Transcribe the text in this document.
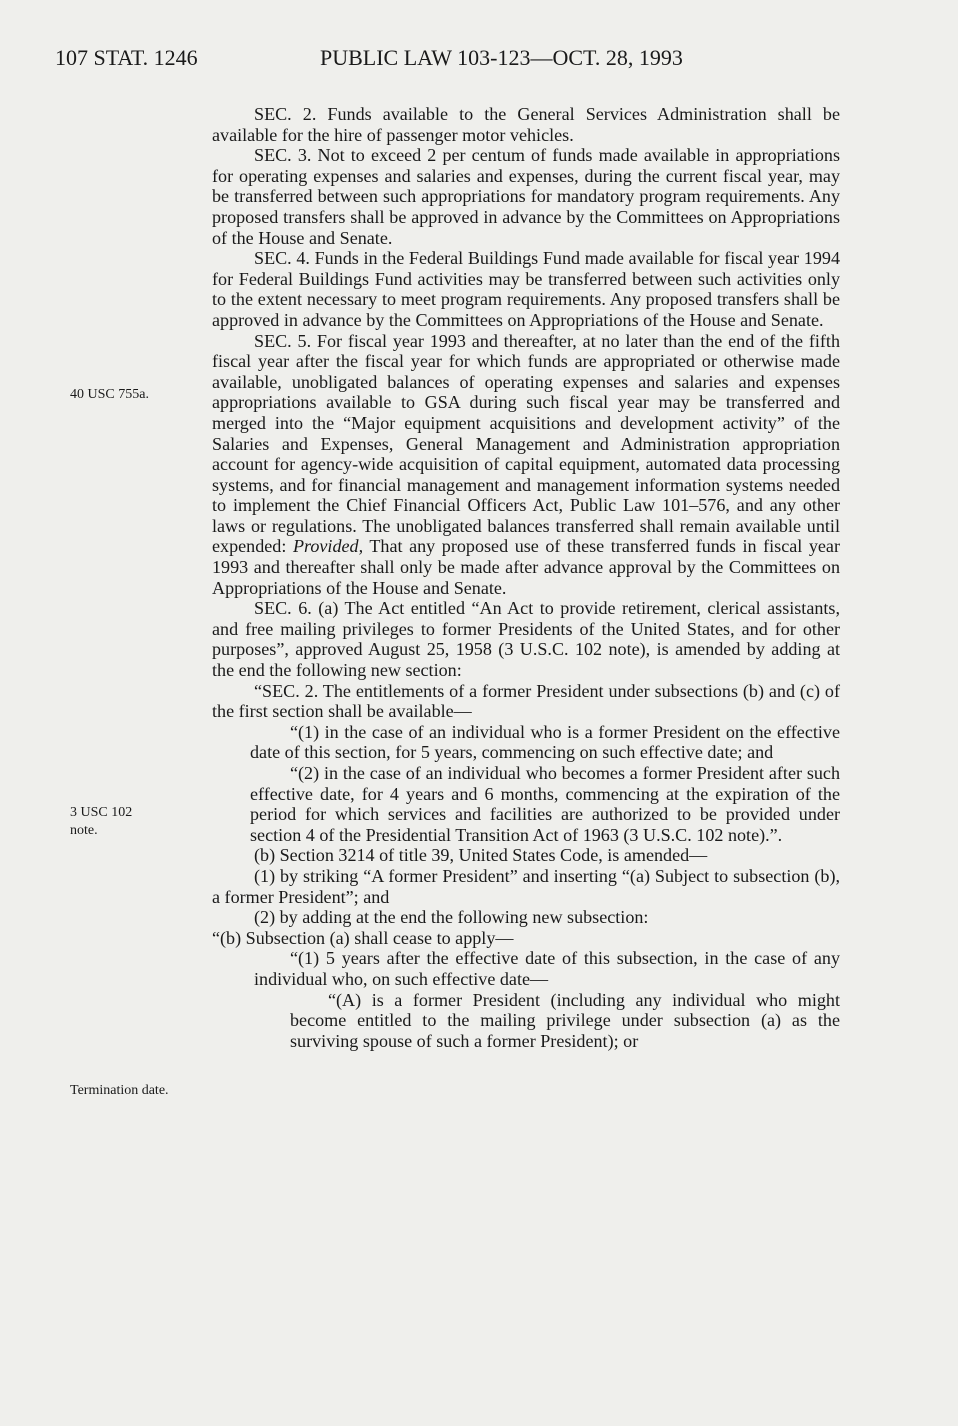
107 STAT. 1246	PUBLIC LAW 103-123—OCT. 28, 1993
40 USC 755a.
3 USC 102 note.
Termination date.

SEC. 2. Funds available to the General Services Administration shall be available for the hire of passenger motor vehicles.

SEC. 3. Not to exceed 2 per centum of funds made available in appropriations for operating expenses and salaries and expenses, during the current fiscal year, may be transferred between such appropriations for mandatory program requirements. Any proposed transfers shall be approved in advance by the Committees on Appropriations of the House and Senate.

SEC. 4. Funds in the Federal Buildings Fund made available for fiscal year 1994 for Federal Buildings Fund activities may be transferred between such activities only to the extent necessary to meet program requirements. Any proposed transfers shall be approved in advance by the Committees on Appropriations of the House and Senate.

SEC. 5. For fiscal year 1993 and thereafter, at no later than the end of the fifth fiscal year after the fiscal year for which funds are appropriated or otherwise made available, unobligated balances of operating expenses and salaries and expenses appropriations available to GSA during such fiscal year may be transferred and merged into the “Major equipment acquisitions and development activity” of the Salaries and Expenses, General Management and Administration appropriation account for agency-wide acquisition of capital equipment, automated data processing systems, and for financial management and management information systems needed to implement the Chief Financial Officers Act, Public Law 101–576, and any other laws or regulations. The unobligated balances transferred shall remain available until expended: Provided, That any proposed use of these transferred funds in fiscal year 1993 and thereafter shall only be made after advance approval by the Committees on Appropriations of the House and Senate.

SEC. 6. (a) The Act entitled “An Act to provide retirement, clerical assistants, and free mailing privileges to former Presidents of the United States, and for other purposes”, approved August 25, 1958 (3 U.S.C. 102 note), is amended by adding at the end the following new section:

“SEC. 2. The entitlements of a former President under subsections (b) and (c) of the first section shall be available—

“(1) in the case of an individual who is a former President on the effective date of this section, for 5 years, commencing on such effective date; and

“(2) in the case of an individual who becomes a former President after such effective date, for 4 years and 6 months, commencing at the expiration of the period for which services and facilities are authorized to be provided under section 4 of the Presidential Transition Act of 1963 (3 U.S.C. 102 note).”.

(b) Section 3214 of title 39, United States Code, is amended—

(1) by striking “A former President” and inserting “(a) Subject to subsection (b), a former President”; and

(2) by adding at the end the following new subsection:

“(b) Subsection (a) shall cease to apply—

“(1) 5 years after the effective date of this subsection, in the case of any individual who, on such effective date—

“(A) is a former President (including any individual who might become entitled to the mailing privilege under subsection (a) as the surviving spouse of such a former President); or
